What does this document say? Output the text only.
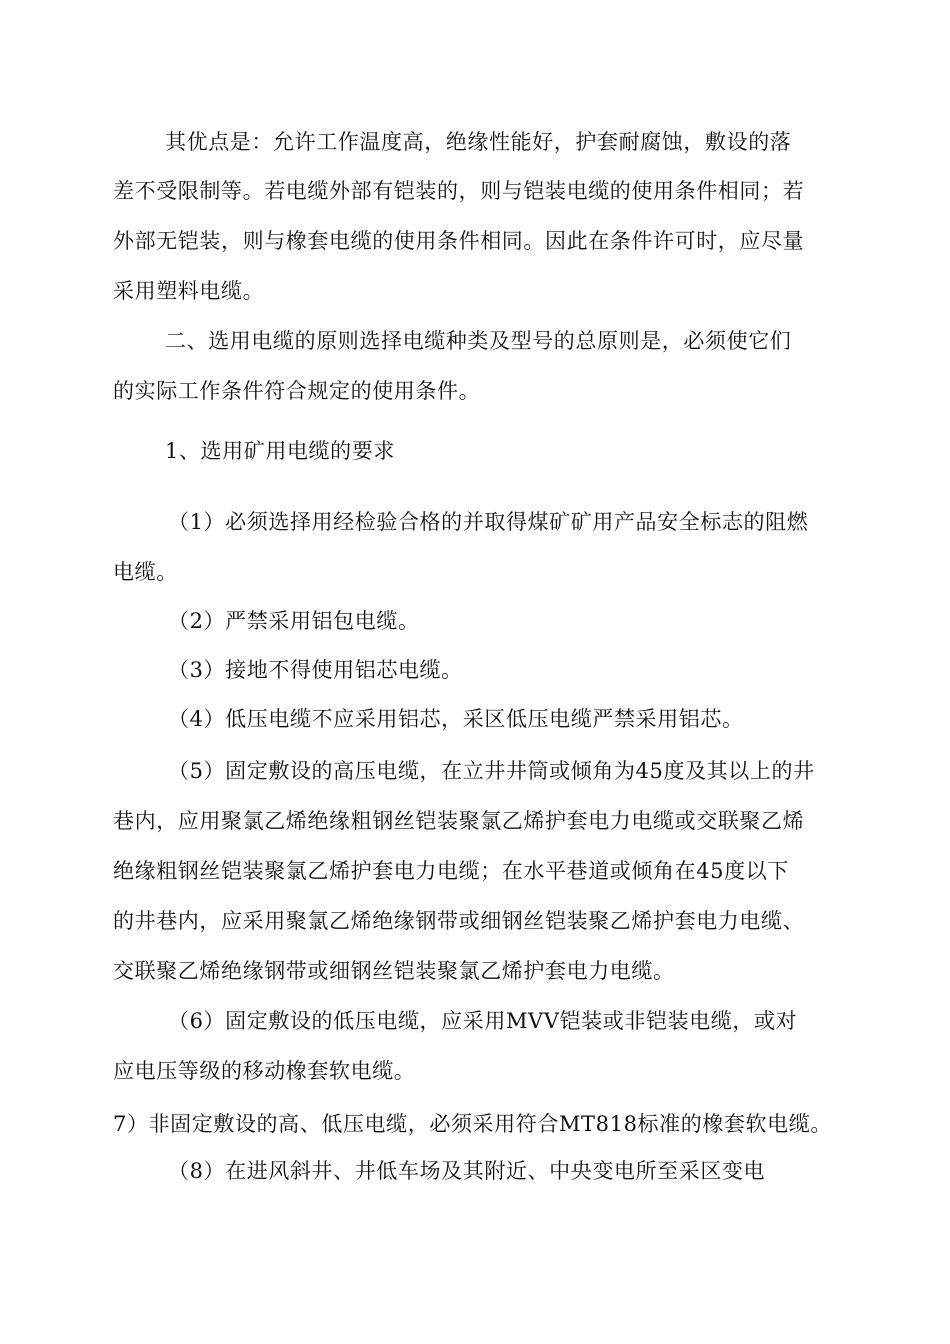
其优点是：允许工作温度高，绝缘性能好，护套耐腐蚀，敷设的落
差不受限制等。若电缆外部有铠装的，则与铠装电缆的使用条件相同；若
外部无铠装，则与橡套电缆的使用条件相同。因此在条件许可时，应尽量
采用塑料电缆。
二、选用电缆的原则选择电缆种类及型号的总原则是，必须使它们
的实际工作条件符合规定的使用条件。
1、选用矿用电缆的要求
（1）必须选择用经检验合格的并取得煤矿矿用产品安全标志的阻燃
电缆。
（2）严禁采用铝包电缆。
（3）接地不得使用铝芯电缆。
（4）低压电缆不应采用铝芯，采区低压电缆严禁采用铝芯。
（5）固定敷设的高压电缆，在立井井筒或倾角为45度及其以上的井
巷内，应用聚氯乙烯绝缘粗钢丝铠装聚氯乙烯护套电力电缆或交联聚乙烯
绝缘粗钢丝铠装聚氯乙烯护套电力电缆；在水平巷道或倾角在45度以下
的井巷内，应采用聚氯乙烯绝缘钢带或细钢丝铠装聚乙烯护套电力电缆、
交联聚乙烯绝缘钢带或细钢丝铠装聚氯乙烯护套电力电缆。
（6）固定敷设的低压电缆，应采用MVV铠装或非铠装电缆，或对
应电压等级的移动橡套软电缆。
7）非固定敷设的高、低压电缆，必须采用符合MT818标准的橡套软电缆。
（8）在进风斜井、井低车场及其附近、中央变电所至采区变电
